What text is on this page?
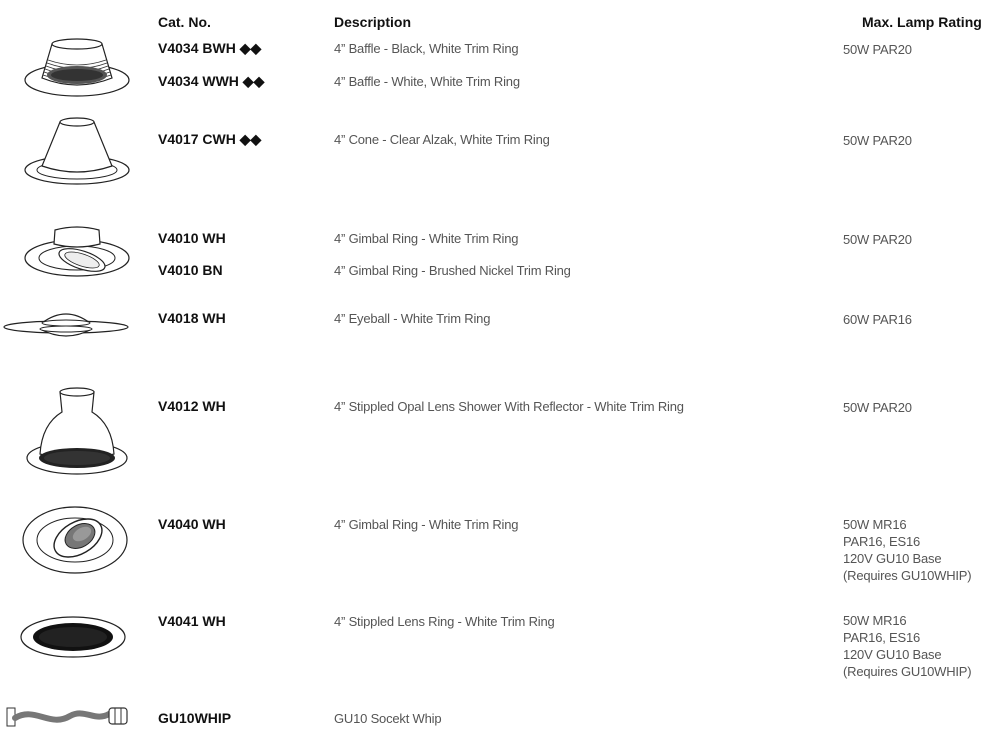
Cat. No.	Description	Max. Lamp Rating
V4034 BWH ◆◆	4” Baffle - Black, White Trim Ring	50W PAR20
V4034 WWH ◆◆	4” Baffle - White, White Trim Ring
V4017 CWH ◆◆	4” Cone - Clear Alzak, White Trim Ring	50W PAR20
V4010 WH	4” Gimbal Ring - White Trim Ring	50W PAR20
V4010 BN	4” Gimbal Ring - Brushed Nickel Trim Ring
V4018 WH	4” Eyeball - White Trim Ring	60W PAR16
V4012 WH	4” Stippled Opal Lens Shower With Reflector - White Trim Ring	50W PAR20
V4040 WH	4” Gimbal Ring - White Trim Ring	50W MR16
PAR16, ES16
120V GU10 Base
(Requires GU10WHIP)
V4041 WH	4” Stippled Lens Ring - White Trim Ring	50W MR16
PAR16, ES16
120V GU10 Base
(Requires GU10WHIP)
GU10WHIP	GU10 Socekt Whip
